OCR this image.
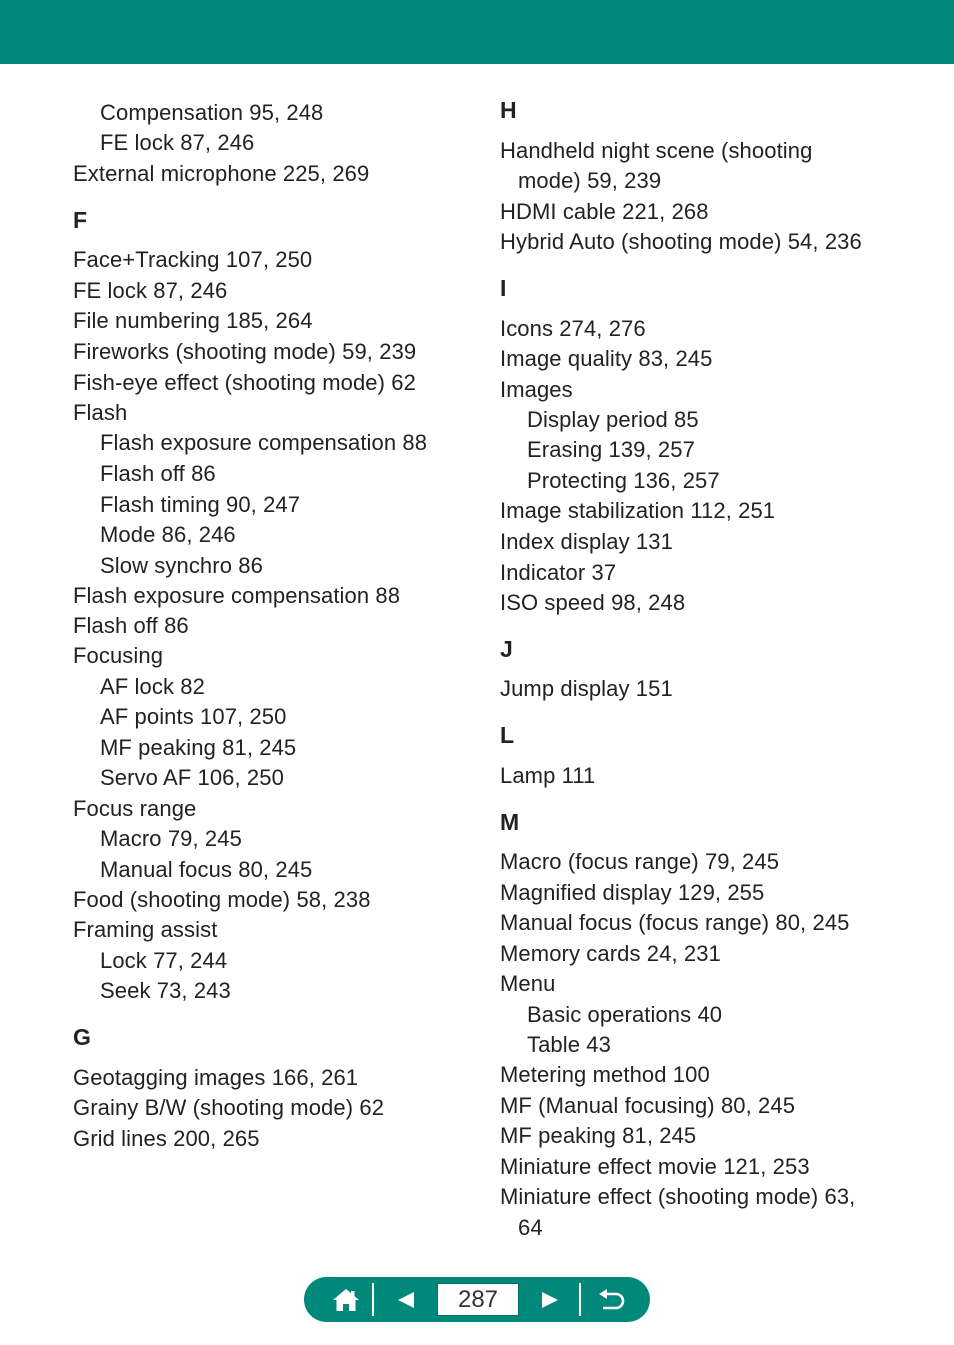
Compensation 95, 248
FE lock 87, 246
External microphone 225, 269
F
Face+Tracking 107, 250
FE lock 87, 246
File numbering 185, 264
Fireworks (shooting mode) 59, 239
Fish-eye effect (shooting mode) 62
Flash
Flash exposure compensation 88
Flash off 86
Flash timing 90, 247
Mode 86, 246
Slow synchro 86
Flash exposure compensation 88
Flash off 86
Focusing
AF lock 82
AF points 107, 250
MF peaking 81, 245
Servo AF 106, 250
Focus range
Macro 79, 245
Manual focus 80, 245
Food (shooting mode) 58, 238
Framing assist
Lock 77, 244
Seek 73, 243
G
Geotagging images 166, 261
Grainy B/W (shooting mode) 62
Grid lines 200, 265
H
Handheld night scene (shooting
mode) 59, 239
HDMI cable 221, 268
Hybrid Auto (shooting mode) 54, 236
I
Icons 274, 276
Image quality 83, 245
Images
Display period 85
Erasing 139, 257
Protecting 136, 257
Image stabilization 112, 251
Index display 131
Indicator 37
ISO speed 98, 248
J
Jump display 151
L
Lamp 111
M
Macro (focus range) 79, 245
Magnified display 129, 255
Manual focus (focus range) 80, 245
Memory cards 24, 231
Menu
Basic operations 40
Table 43
Metering method 100
MF (Manual focusing) 80, 245
MF peaking 81, 245
Miniature effect movie 121, 253
Miniature effect (shooting mode) 63,
64
287
